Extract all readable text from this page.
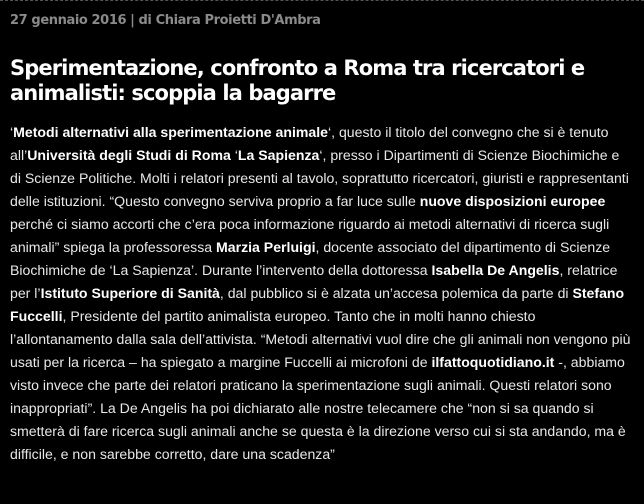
27 gennaio 2016 | di Chiara Proietti D'Ambra
Sperimentazione, confronto a Roma tra ricercatori e animalisti: scoppia la bagarre

‘Metodi alternativi alla sperimentazione animale‘, questo il titolo del convegno che si è tenuto all’Università degli Studi di Roma ‘La Sapienza‘, presso i Dipartimenti di Scienze Biochimiche e di Scienze Politiche. Molti i relatori presenti al tavolo, soprattutto ricercatori, giuristi e rappresentanti delle istituzioni. “Questo convegno serviva proprio a far luce sulle nuove disposizioni europee perché ci siamo accorti che c’era poca informazione riguardo ai metodi alternativi di ricerca sugli animali” spiega la professoressa Marzia Perluigi, docente associato del dipartimento di Scienze Biochimiche de ‘La Sapienza’. Durante l’intervento della dottoressa Isabella De Angelis, relatrice per l’Istituto Superiore di Sanità, dal pubblico si è alzata un’accesa polemica da parte di Stefano Fuccelli, Presidente del partito animalista europeo. Tanto che in molti hanno chiesto l’allontanamento dalla sala dell’attivista. “Metodi alternativi vuol dire che gli animali non vengono più usati per la ricerca – ha spiegato a margine Fuccelli ai microfoni de ilfattoquotidiano.it -, abbiamo visto invece che parte dei relatori praticano la sperimentazione sugli animali. Questi relatori sono inappropriati”. La De Angelis ha poi dichiarato alle nostre telecamere che “non si sa quando si smetterà di fare ricerca sugli animali anche se questa è la direzione verso cui si sta andando, ma è difficile, e non sarebbe corretto, dare una scadenza”
